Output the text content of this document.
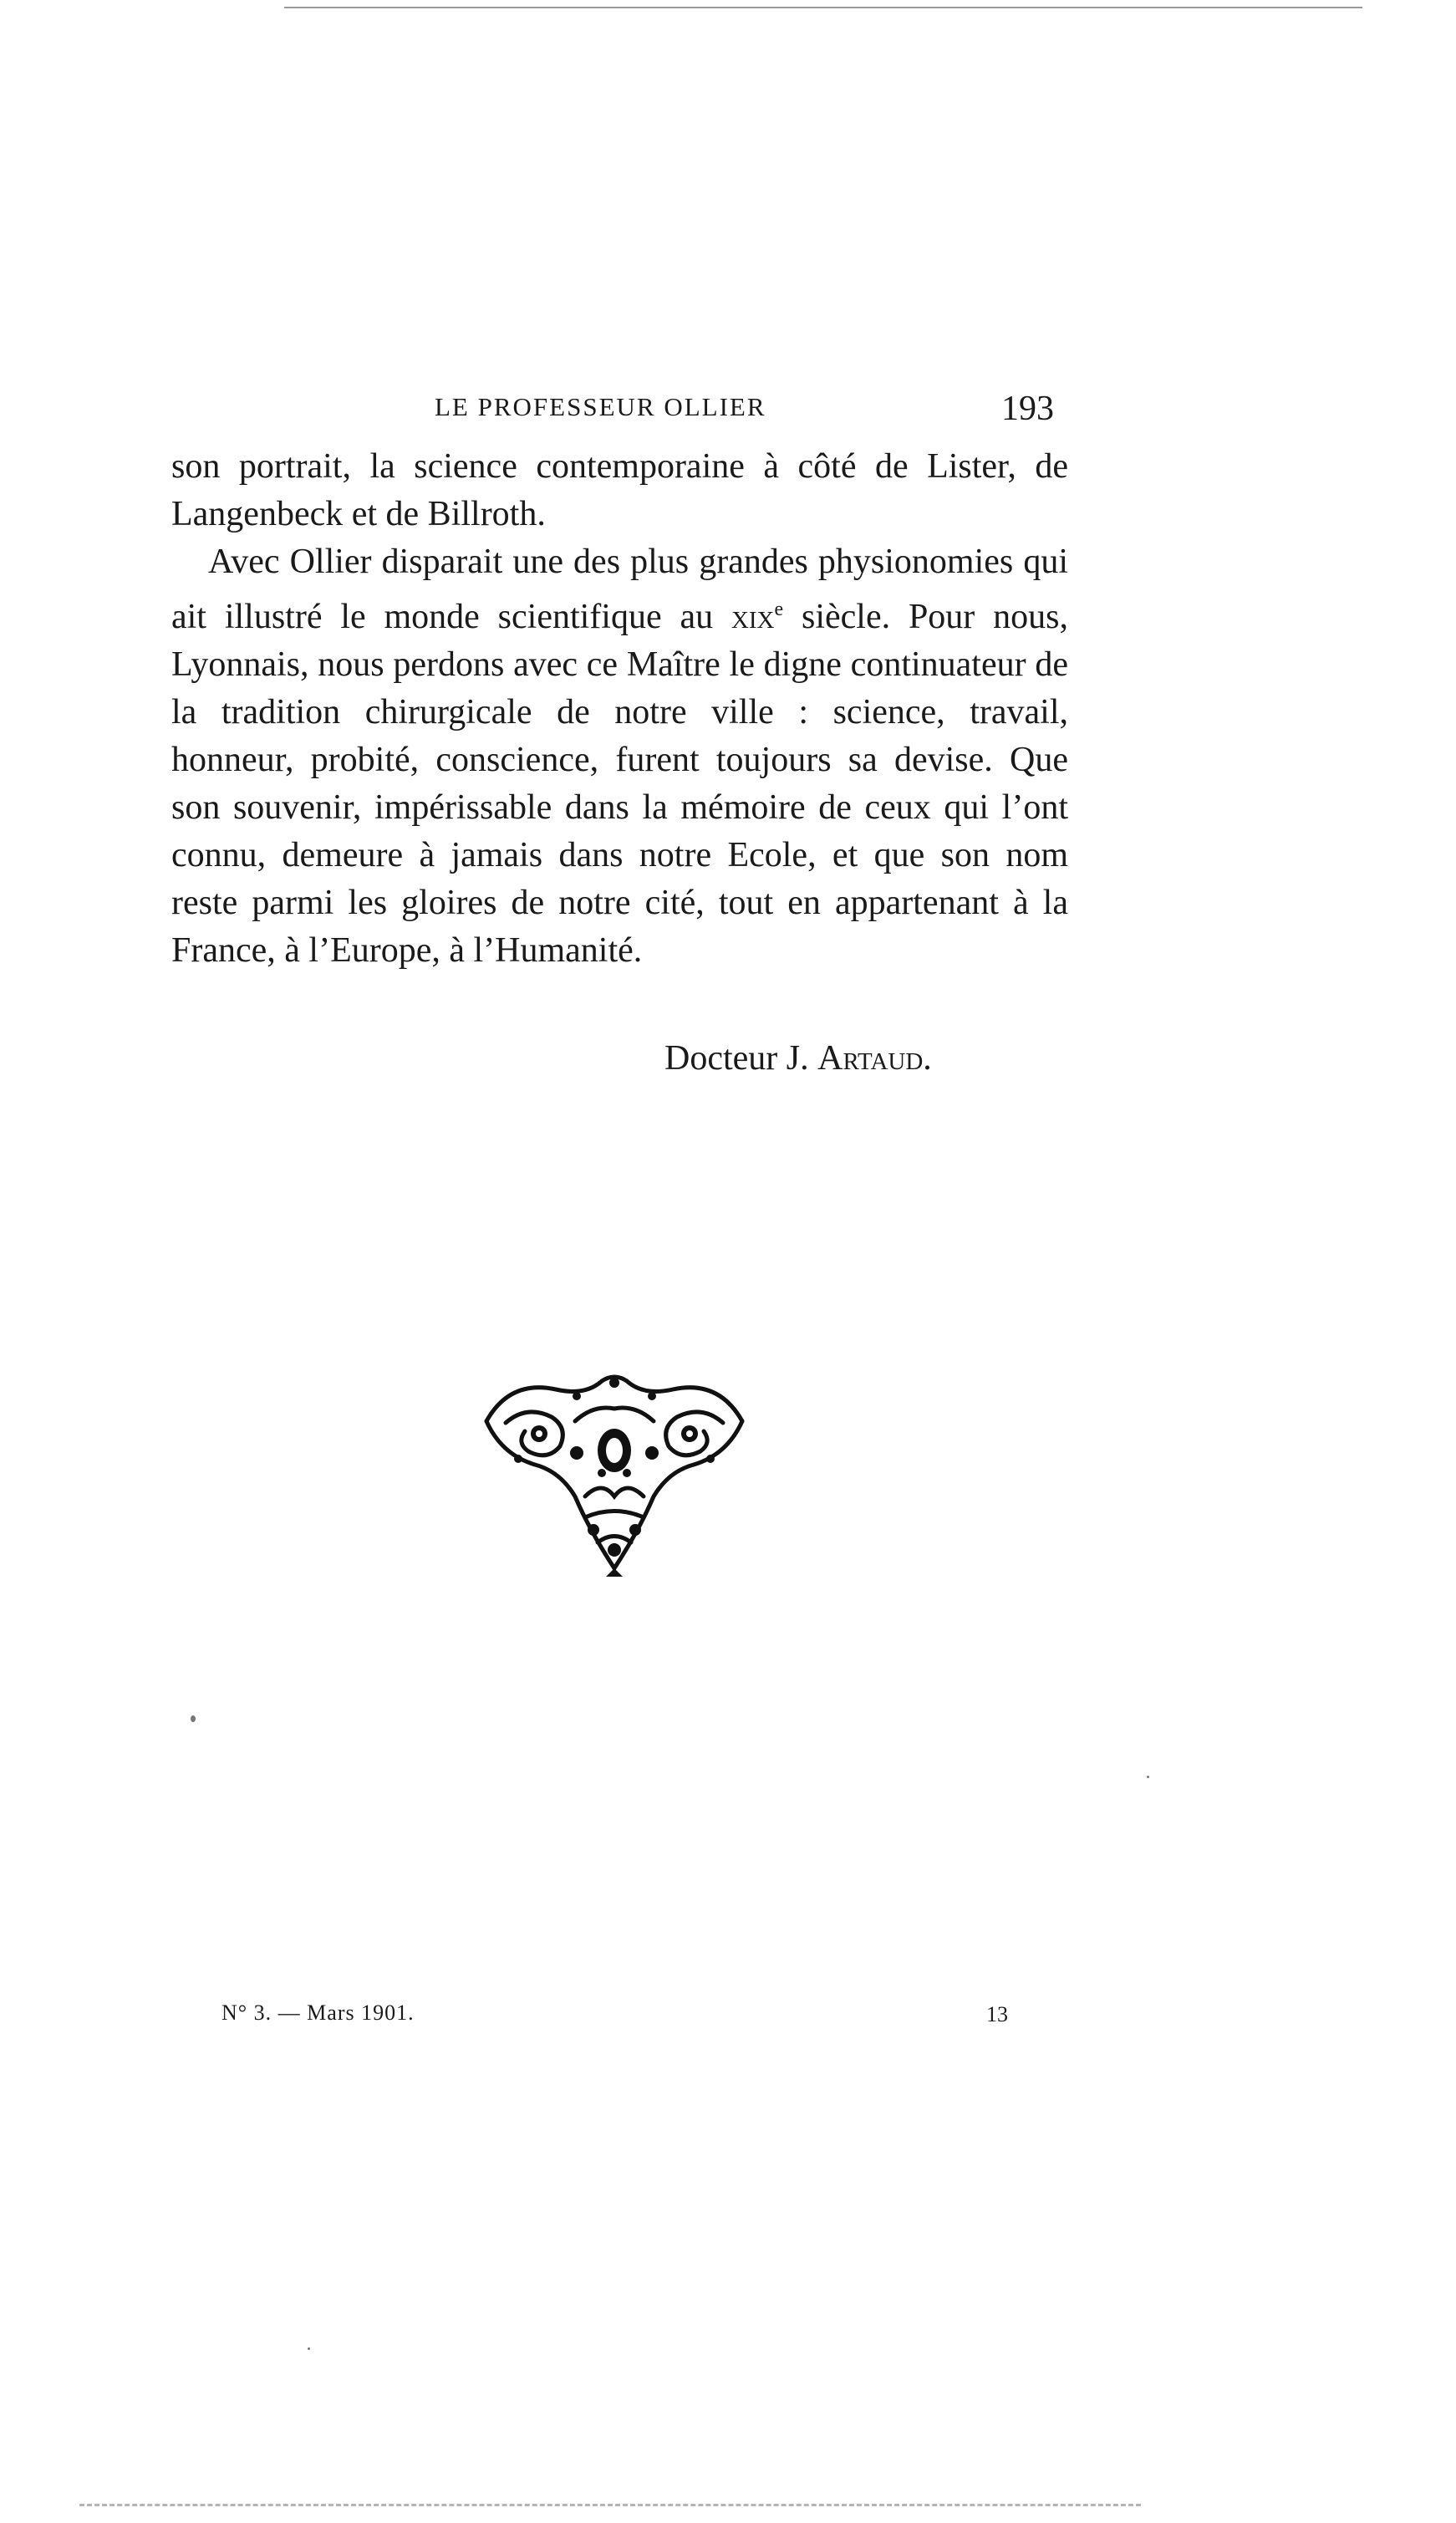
LE PROFESSEUR OLLIER	193

son portrait, la science contemporaine à côté de Lister, de Langenbeck et de Billroth.

Avec Ollier disparait une des plus grandes physionomies qui ait illustré le monde scientifique au xix$^e$ siècle. Pour nous, Lyonnais, nous perdons avec ce Maître le digne continuateur de la tradition chirurgicale de notre ville : science, travail, honneur, probité, conscience, furent toujours sa devise. Que son souvenir, impérissable dans la mémoire de ceux qui l’ont connu, demeure à jamais dans notre Ecole, et que son nom reste parmi les gloires de notre cité, tout en appartenant à la France, à l’Europe, à l’Humanité.

Docteur J. Artaud.
N° 3. — Mars 1901.	13
